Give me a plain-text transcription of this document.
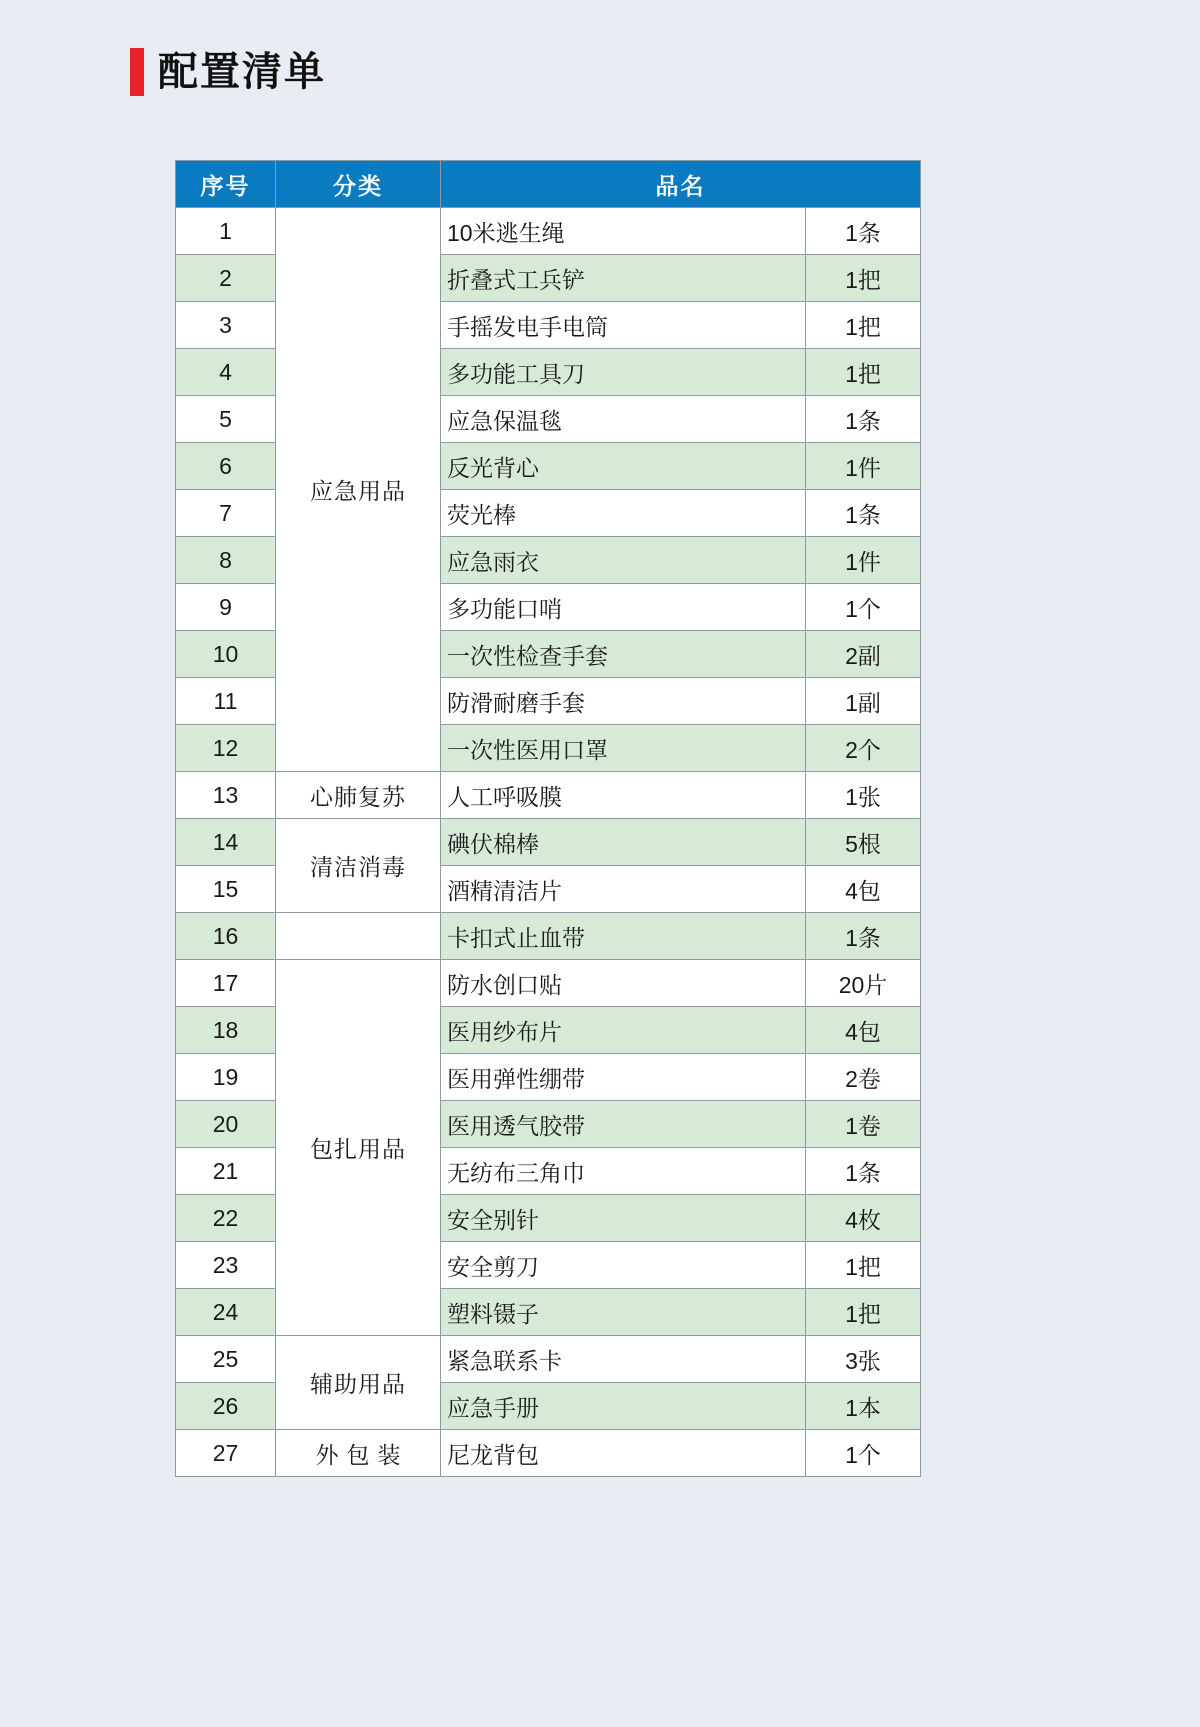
配置清单
序号	分类	品名	
1	应急用品	10米逃生绳	1条
2		折叠式工兵铲	1把
3		手摇发电手电筒	1把
4		多功能工具刀	1把
5		应急保温毯	1条
6		反光背心	1件
7		荧光棒	1条
8		应急雨衣	1件
9		多功能口哨	1个
10		一次性检查手套	2副
11		防滑耐磨手套	1副
12		一次性医用口罩	2个
13	心肺复苏	人工呼吸膜	1张
14	清洁消毒	碘伏棉棒	5根
15		酒精清洁片	4包
16		卡扣式止血带	1条
17	包扎用品	防水创口贴	20片
18		医用纱布片	4包
19		医用弹性绷带	2卷
20		医用透气胶带	1卷
21		无纺布三角巾	1条
22		安全别针	4枚
23		安全剪刀	1把
24		塑料镊子	1把
25	辅助用品	紧急联系卡	3张
26		应急手册	1本
27	外包装	尼龙背包	1个
